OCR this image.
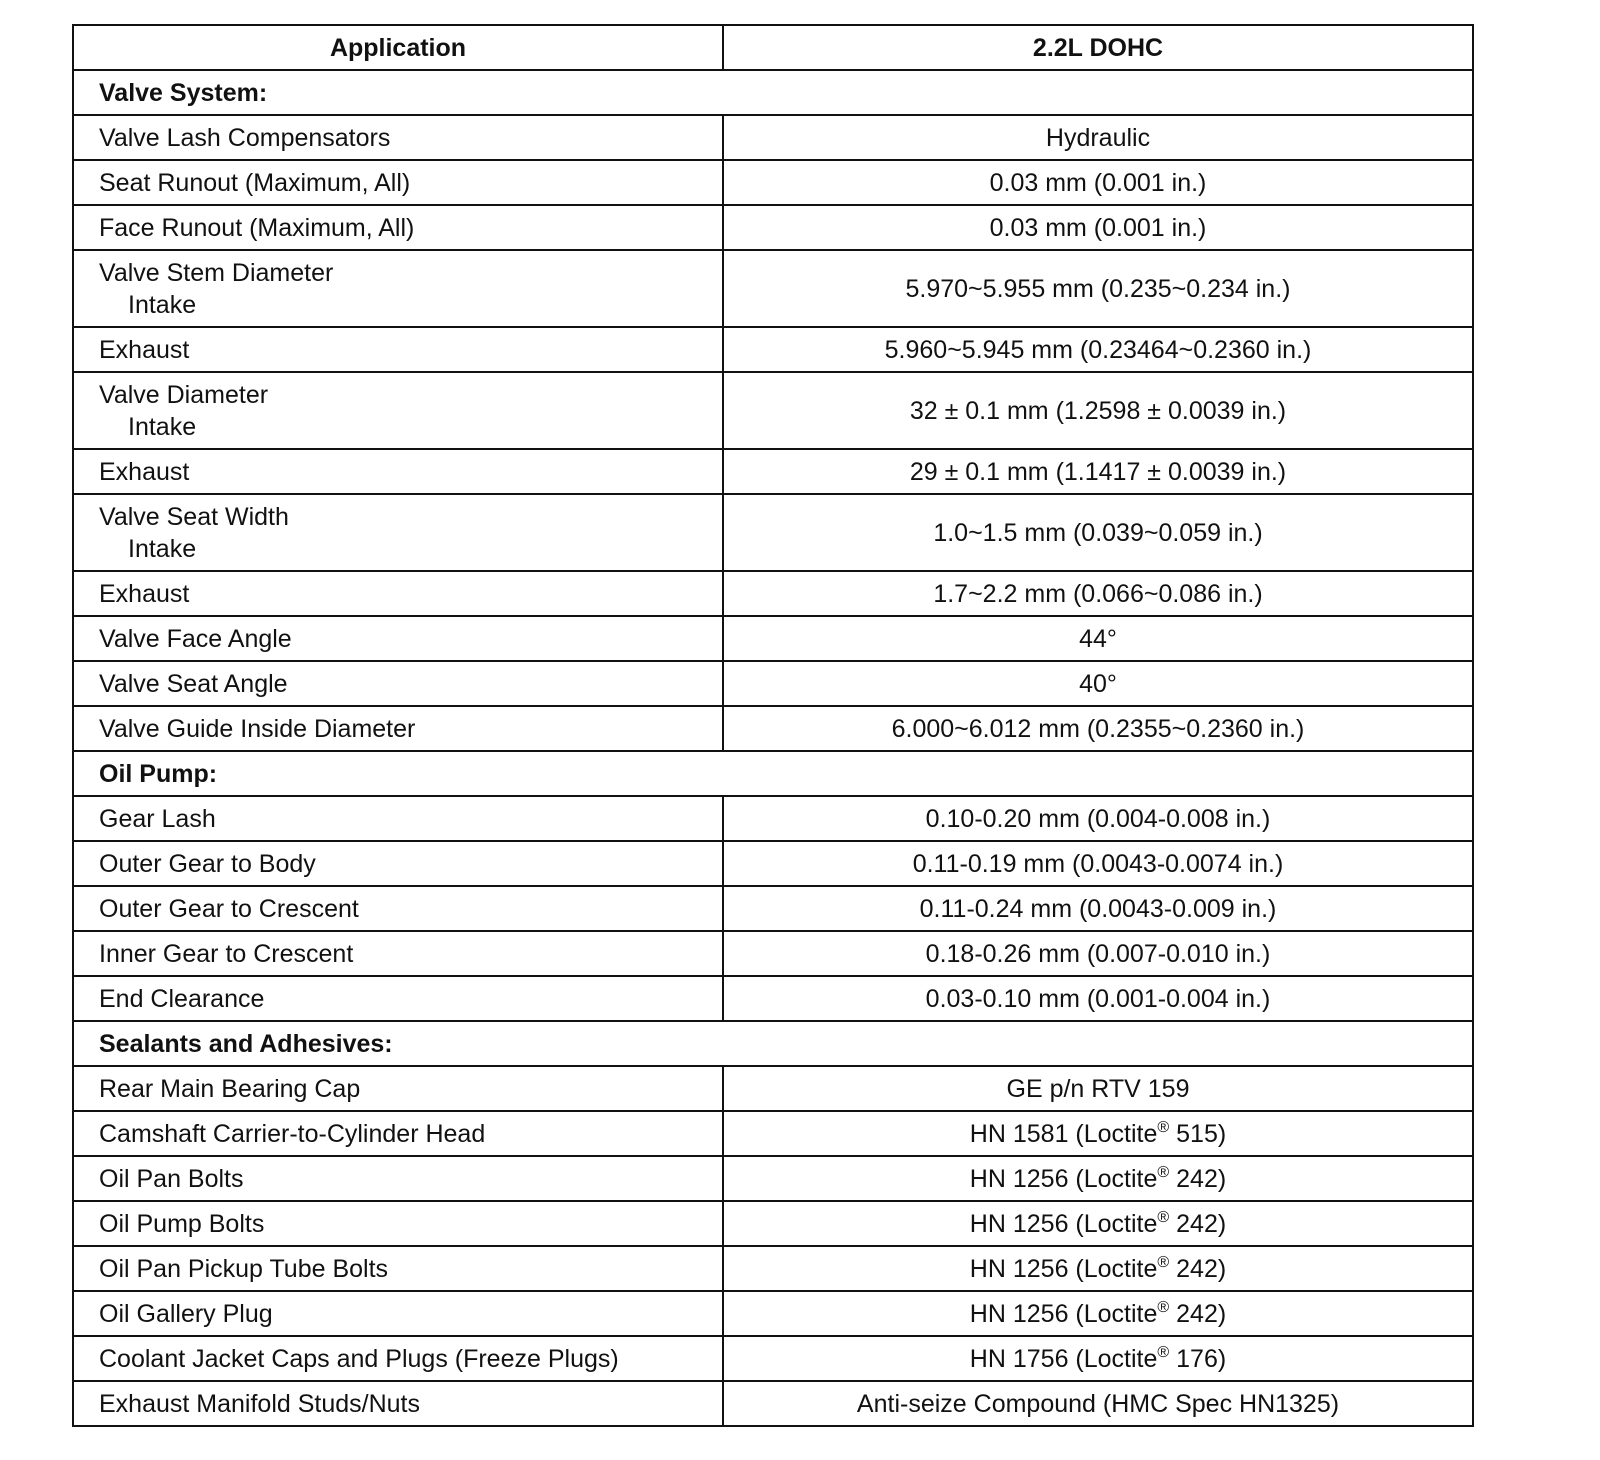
Application	2.2L DOHC
Valve System:	
Valve Lash Compensators	Hydraulic
Seat Runout (Maximum, All)	0.03 mm (0.001 in.)
Face Runout (Maximum, All)	0.03 mm (0.001 in.)
Valve Stem Diameter
Intake	5.970~5.955 mm (0.235~0.234 in.)
Exhaust	5.960~5.945 mm (0.23464~0.2360 in.)
Valve Diameter
Intake	32 ± 0.1 mm (1.2598 ± 0.0039 in.)
Exhaust	29 ± 0.1 mm (1.1417 ± 0.0039 in.)
Valve Seat Width
Intake	1.0~1.5 mm (0.039~0.059 in.)
Exhaust	1.7~2.2 mm (0.066~0.086 in.)
Valve Face Angle	44°
Valve Seat Angle	40°
Valve Guide Inside Diameter	6.000~6.012 mm (0.2355~0.2360 in.)
Oil Pump:	
Gear Lash	0.10-0.20 mm (0.004-0.008 in.)
Outer Gear to Body	0.11-0.19 mm (0.0043-0.0074 in.)
Outer Gear to Crescent	0.11-0.24 mm (0.0043-0.009 in.)
Inner Gear to Crescent	0.18-0.26 mm (0.007-0.010 in.)
End Clearance	0.03-0.10 mm (0.001-0.004 in.)
Sealants and Adhesives:	
Rear Main Bearing Cap	GE p/n RTV 159
Camshaft Carrier-to-Cylinder Head	HN 1581 (Loctite® 515)
Oil Pan Bolts	HN 1256 (Loctite® 242)
Oil Pump Bolts	HN 1256 (Loctite® 242)
Oil Pan Pickup Tube Bolts	HN 1256 (Loctite® 242)
Oil Gallery Plug	HN 1256 (Loctite® 242)
Coolant Jacket Caps and Plugs (Freeze Plugs)	HN 1756 (Loctite® 176)
Exhaust Manifold Studs/Nuts	Anti-seize Compound (HMC Spec HN1325)
